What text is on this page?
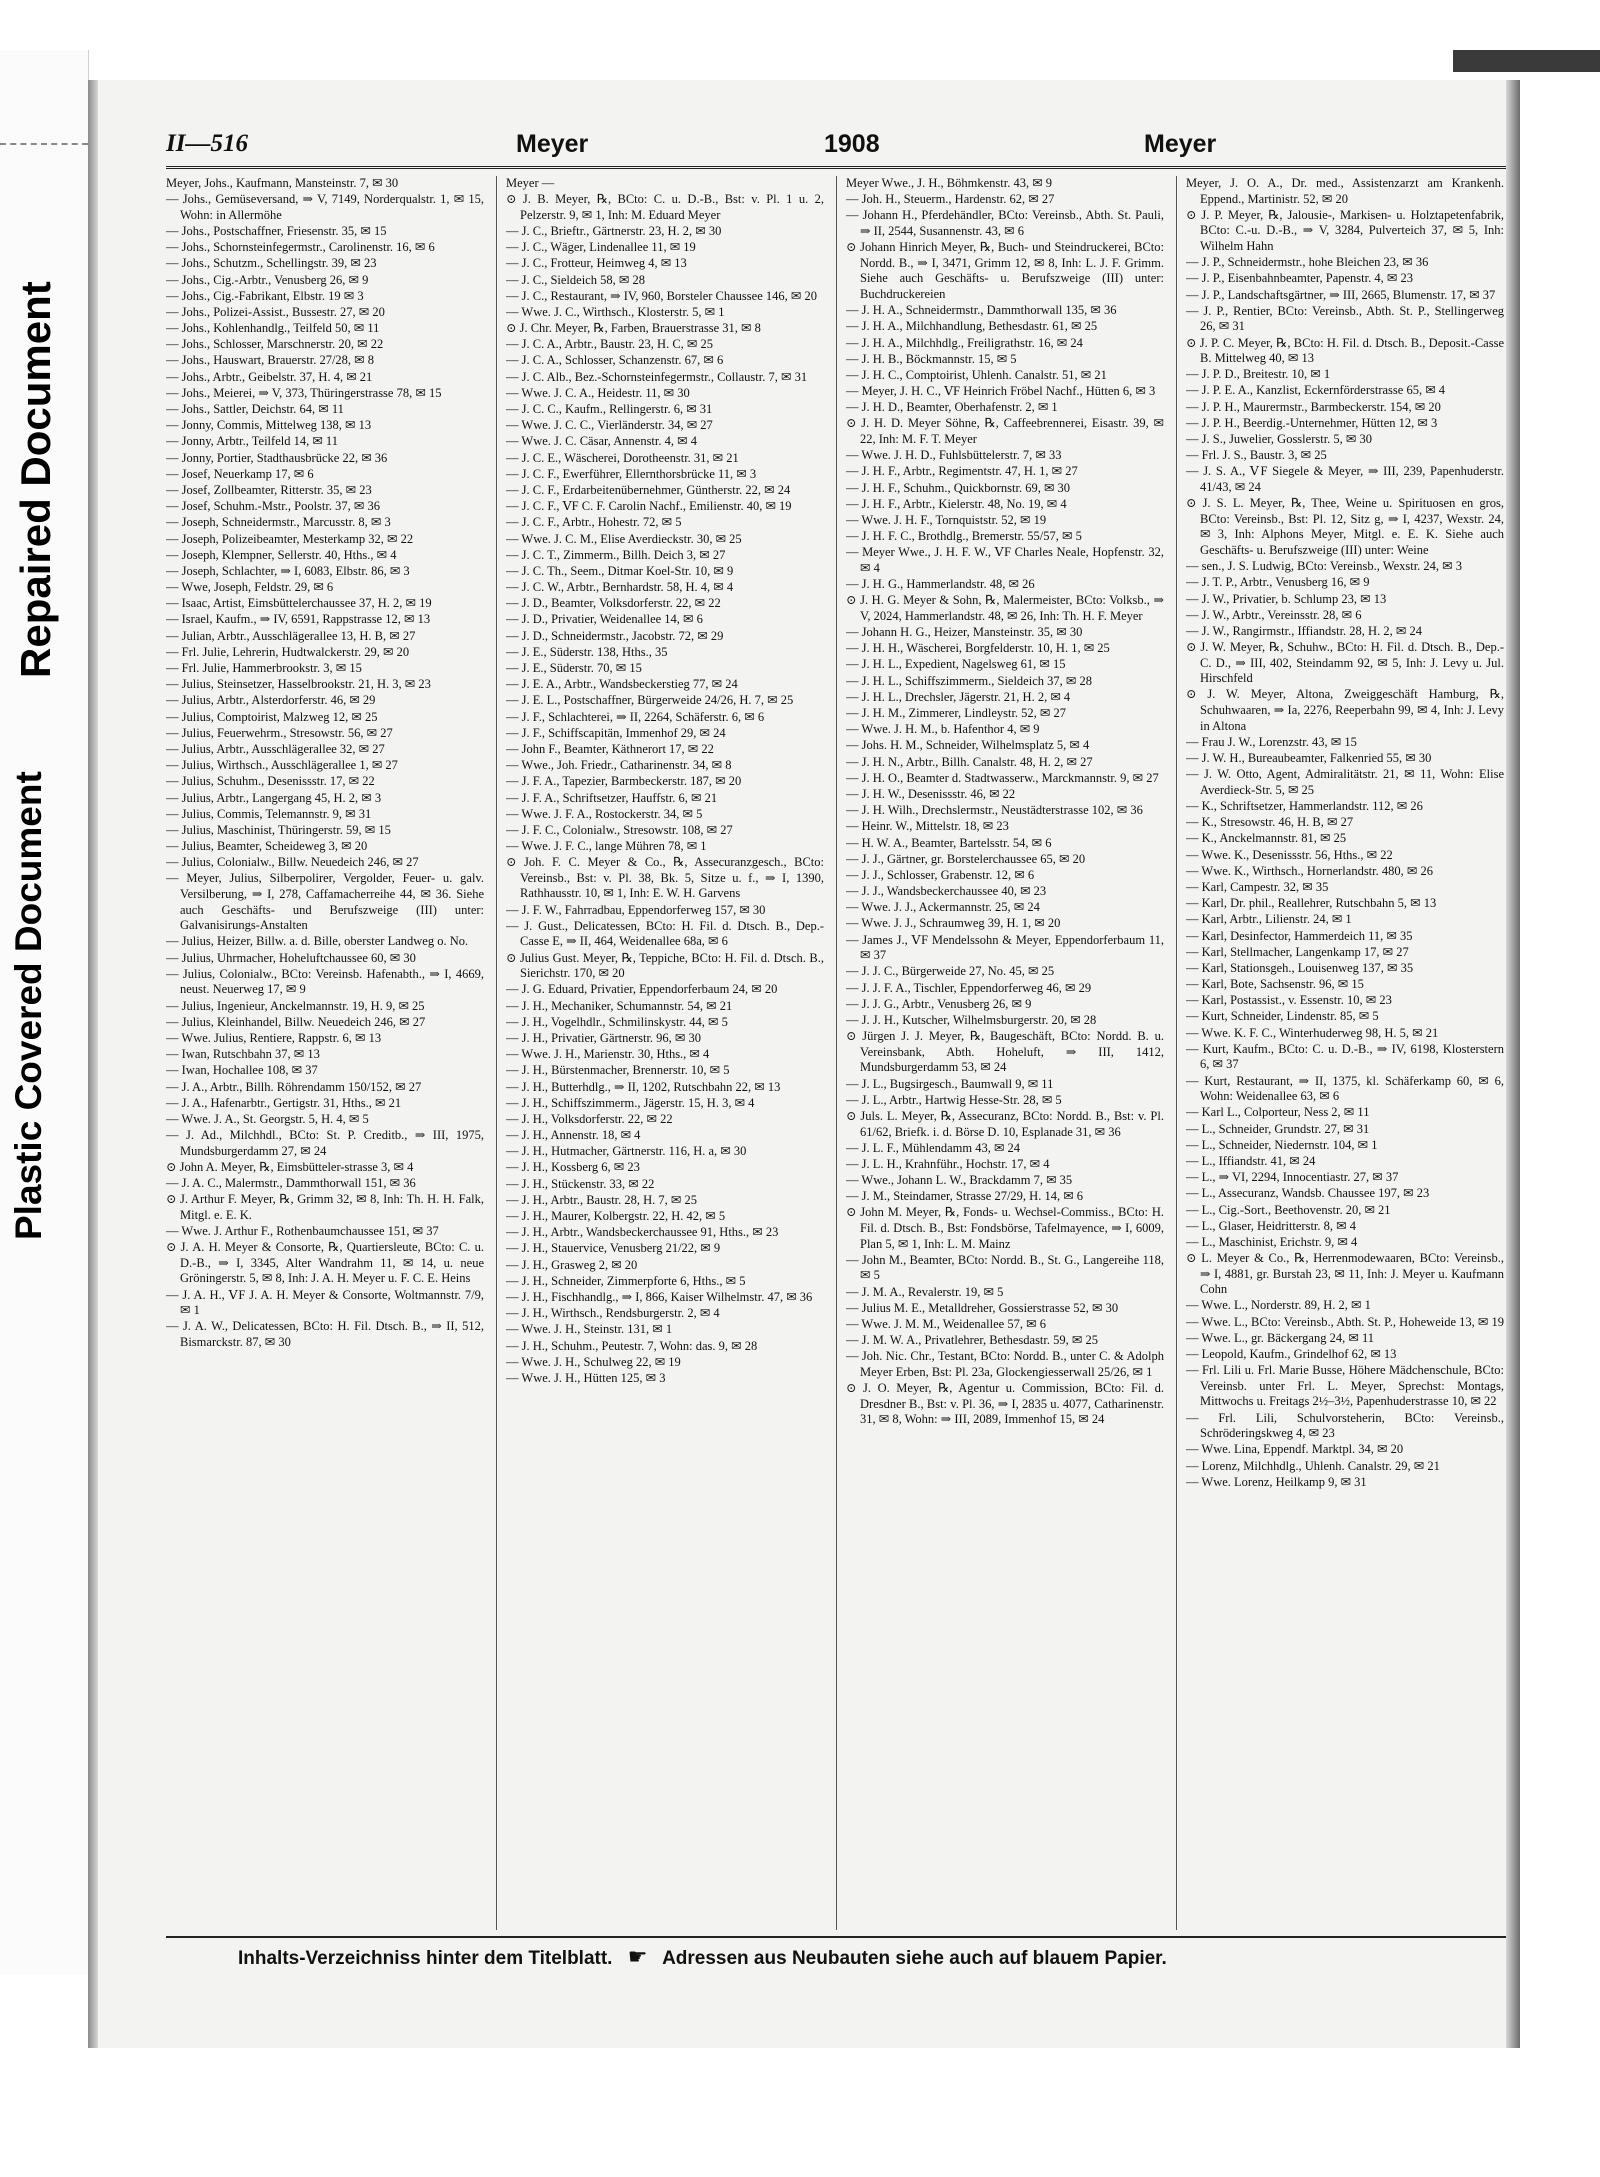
Repaired Document
Plastic Covered Document
II—516	Meyer	1908	Meyer

Meyer, Johs., Kaufmann, Mansteinstr. 7, ✉ 30

— Johs., Gemüseversand, ⇒ V, 7149, Norderqualstr. 1, ✉ 15, Wohn: in Allermöhe

— Johs., Postschaffner, Friesenstr. 35, ✉ 15

— Johs., Schornsteinfegermstr., Carolinenstr. 16, ✉ 6

— Johs., Schutzm., Schellingstr. 39, ✉ 23

— Johs., Cig.-Arbtr., Venusberg 26, ✉ 9

— Johs., Cig.-Fabrikant, Elbstr. 19 ✉ 3

— Johs., Polizei-Assist., Bussestr. 27, ✉ 20

— Johs., Kohlenhandlg., Teilfeld 50, ✉ 11

— Johs., Schlosser, Marschnerstr. 20, ✉ 22

— Johs., Hauswart, Brauerstr. 27/28, ✉ 8

— Johs., Arbtr., Geibelstr. 37, H. 4, ✉ 21

— Johs., Meierei, ⇒ V, 373, Thüringerstrasse 78, ✉ 15

— Johs., Sattler, Deichstr. 64, ✉ 11

— Jonny, Commis, Mittelweg 138, ✉ 13

— Jonny, Arbtr., Teilfeld 14, ✉ 11

— Jonny, Portier, Stadthausbrücke 22, ✉ 36

— Josef, Neuerkamp 17, ✉ 6

— Josef, Zollbeamter, Ritterstr. 35, ✉ 23

— Josef, Schuhm.-Mstr., Poolstr. 37, ✉ 36

— Joseph, Schneidermstr., Marcusstr. 8, ✉ 3

— Joseph, Polizeibeamter, Mesterkamp 32, ✉ 22

— Joseph, Klempner, Sellerstr. 40, Hths., ✉ 4

— Joseph, Schlachter, ⇒ I, 6083, Elbstr. 86, ✉ 3

— Wwe, Joseph, Feldstr. 29, ✉ 6

— Isaac, Artist, Eimsbüttelerchaussee 37, H. 2, ✉ 19

— Israel, Kaufm., ⇒ IV, 6591, Rappstrasse 12, ✉ 13

— Julian, Arbtr., Ausschlägerallee 13, H. B, ✉ 27

— Frl. Julie, Lehrerin, Hudtwalckerstr. 29, ✉ 20

— Frl. Julie, Hammerbrookstr. 3, ✉ 15

— Julius, Steinsetzer, Hasselbrookstr. 21, H. 3, ✉ 23

— Julius, Arbtr., Alsterdorferstr. 46, ✉ 29

— Julius, Comptoirist, Malzweg 12, ✉ 25

— Julius, Feuerwehrm., Stresowstr. 56, ✉ 27

— Julius, Arbtr., Ausschlägerallee 32, ✉ 27

— Julius, Wirthsch., Ausschlägerallee 1, ✉ 27

— Julius, Schuhm., Desenissstr. 17, ✉ 22

— Julius, Arbtr., Langergang 45, H. 2, ✉ 3

— Julius, Commis, Telemannstr. 9, ✉ 31

— Julius, Maschinist, Thüringerstr. 59, ✉ 15

— Julius, Beamter, Scheideweg 3, ✉ 20

— Julius, Colonialw., Billw. Neuedeich 246, ✉ 27

— Meyer, Julius, Silberpolirer, Vergolder, Feuer- u. galv. Versilberung, ⇒ I, 278, Caffamacherreihe 44, ✉ 36. Siehe auch Geschäfts- und Berufszweige (III) unter: Galvanisirungs-Anstalten

— Julius, Heizer, Billw. a. d. Bille, oberster Landweg o. No.

— Julius, Uhrmacher, Hoheluftchaussee 60, ✉ 30

— Julius, Colonialw., BCto: Vereinsb. Hafenabth., ⇒ I, 4669, neust. Neuerweg 17, ✉ 9

— Julius, Ingenieur, Anckelmannstr. 19, H. 9, ✉ 25

— Julius, Kleinhandel, Billw. Neuedeich 246, ✉ 27

— Wwe. Julius, Rentiere, Rappstr. 6, ✉ 13

— Iwan, Rutschbahn 37, ✉ 13

— Iwan, Hochallee 108, ✉ 37

— J. A., Arbtr., Billh. Röhrendamm 150/152, ✉ 27

— J. A., Hafenarbtr., Gertigstr. 31, Hths., ✉ 21

— Wwe. J. A., St. Georgstr. 5, H. 4, ✉ 5

— J. Ad., Milchhdl., BCto: St. P. Creditb., ⇒ III, 1975, Mundsburgerdamm 27, ✉ 24

⊙ John A. Meyer, ℞, Eimsbütteler-strasse 3, ✉ 4

— J. A. C., Malermstr., Dammthorwall 151, ✉ 36

⊙ J. Arthur F. Meyer, ℞, Grimm 32, ✉ 8, Inh: Th. H. H. Falk, Mitgl. e. E. K.

— Wwe. J. Arthur F., Rothenbaumchaussee 151, ✉ 37

⊙ J. A. H. Meyer & Consorte, ℞, Quartiersleute, BCto: C. u. D.-B., ⇒ I, 3345, Alter Wandrahm 11, ✉ 14, u. neue Gröningerstr. 5, ✉ 8, Inh: J. A. H. Meyer u. F. C. E. Heins

— J. A. H., ⅤF J. A. H. Meyer & Consorte, Woltmannstr. 7/9, ✉ 1

— J. A. W., Delicatessen, BCto: H. Fil. Dtsch. B., ⇒ II, 512, Bismarckstr. 87, ✉ 30

Meyer —

⊙ J. B. Meyer, ℞, BCto: C. u. D.-B., Bst: v. Pl. 1 u. 2, Pelzerstr. 9, ✉ 1, Inh: M. Eduard Meyer

— J. C., Brieftr., Gärtnerstr. 23, H. 2, ✉ 30

— J. C., Wäger, Lindenallee 11, ✉ 19

— J. C., Frotteur, Heimweg 4, ✉ 13

— J. C., Sieldeich 58, ✉ 28

— J. C., Restaurant, ⇒ IV, 960, Borsteler Chaussee 146, ✉ 20

— Wwe. J. C., Wirthsch., Klosterstr. 5, ✉ 1

⊙ J. Chr. Meyer, ℞, Farben, Brauerstrasse 31, ✉ 8

— J. C. A., Arbtr., Baustr. 23, H. C, ✉ 25

— J. C. A., Schlosser, Schanzenstr. 67, ✉ 6

— J. C. Alb., Bez.-Schornsteinfegermstr., Collaustr. 7, ✉ 31

— Wwe. J. C. A., Heidestr. 11, ✉ 30

— J. C. C., Kaufm., Rellingerstr. 6, ✉ 31

— Wwe. J. C. C., Vierländerstr. 34, ✉ 27

— Wwe. J. C. Cäsar, Annenstr. 4, ✉ 4

— J. C. E., Wäscherei, Dorotheenstr. 31, ✉ 21

— J. C. F., Ewerführer, Ellernthorsbrücke 11, ✉ 3

— J. C. F., Erdarbeitenübernehmer, Güntherstr. 22, ✉ 24

— J. C. F., ⅤF C. F. Carolin Nachf., Emilienstr. 40, ✉ 19

— J. C. F., Arbtr., Hohestr. 72, ✉ 5

— Wwe. J. C. M., Elise Averdieckstr. 30, ✉ 25

— J. C. T., Zimmerm., Billh. Deich 3, ✉ 27

— J. C. Th., Seem., Ditmar Koel-Str. 10, ✉ 9

— J. C. W., Arbtr., Bernhardstr. 58, H. 4, ✉ 4

— J. D., Beamter, Volksdorferstr. 22, ✉ 22

— J. D., Privatier, Weidenallee 14, ✉ 6

— J. D., Schneidermstr., Jacobstr. 72, ✉ 29

— J. E., Süderstr. 138, Hths., 35

— J. E., Süderstr. 70, ✉ 15

— J. E. A., Arbtr., Wandsbeckerstieg 77, ✉ 24

— J. E. L., Postschaffner, Bürgerweide 24/26, H. 7, ✉ 25

— J. F., Schlachterei, ⇒ II, 2264, Schäferstr. 6, ✉ 6

— J. F., Schiffscapitän, Immenhof 29, ✉ 24

— John F., Beamter, Käthnerort 17, ✉ 22

— Wwe., Joh. Friedr., Catharinenstr. 34, ✉ 8

— J. F. A., Tapezier, Barmbeckerstr. 187, ✉ 20

— J. F. A., Schriftsetzer, Hauffstr. 6, ✉ 21

— Wwe. J. F. A., Rostockerstr. 34, ✉ 5

— J. F. C., Colonialw., Stresowstr. 108, ✉ 27

— Wwe. J. F. C., lange Mühren 78, ✉ 1

⊙ Joh. F. C. Meyer & Co., ℞, Assecuranzgesch., BCto: Vereinsb., Bst: v. Pl. 38, Bk. 5, Sitze u. f., ⇒ I, 1390, Rathhausstr. 10, ✉ 1, Inh: E. W. H. Garvens

— J. F. W., Fahrradbau, Eppendorferweg 157, ✉ 30

— J. Gust., Delicatessen, BCto: H. Fil. d. Dtsch. B., Dep.-Casse E, ⇒ II, 464, Weidenallee 68a, ✉ 6

⊙ Julius Gust. Meyer, ℞, Teppiche, BCto: H. Fil. d. Dtsch. B., Sierichstr. 170, ✉ 20

— J. G. Eduard, Privatier, Eppendorferbaum 24, ✉ 20

— J. H., Mechaniker, Schumannstr. 54, ✉ 21

— J. H., Vogelhdlr., Schmilinskystr. 44, ✉ 5

— J. H., Privatier, Gärtnerstr. 96, ✉ 30

— Wwe. J. H., Marienstr. 30, Hths., ✉ 4

— J. H., Bürstenmacher, Brennerstr. 10, ✉ 5

— J. H., Butterhdlg., ⇒ II, 1202, Rutschbahn 22, ✉ 13

— J. H., Schiffszimmerm., Jägerstr. 15, H. 3, ✉ 4

— J. H., Volksdorferstr. 22, ✉ 22

— J. H., Annenstr. 18, ✉ 4

— J. H., Hutmacher, Gärtnerstr. 116, H. a, ✉ 30

— J. H., Kossberg 6, ✉ 23

— J. H., Stückenstr. 33, ✉ 22

— J. H., Arbtr., Baustr. 28, H. 7, ✉ 25

— J. H., Maurer, Kolbergstr. 22, H. 42, ✉ 5

— J. H., Arbtr., Wandsbeckerchaussee 91, Hths., ✉ 23

— J. H., Stauervice, Venusberg 21/22, ✉ 9

— J. H., Grasweg 2, ✉ 20

— J. H., Schneider, Zimmerpforte 6, Hths., ✉ 5

— J. H., Fischhandlg., ⇒ I, 866, Kaiser Wilhelmstr. 47, ✉ 36

— J. H., Wirthsch., Rendsburgerstr. 2, ✉ 4

— Wwe. J. H., Steinstr. 131, ✉ 1

— J. H., Schuhm., Peutestr. 7, Wohn: das. 9, ✉ 28

— Wwe. J. H., Schulweg 22, ✉ 19

— Wwe. J. H., Hütten 125, ✉ 3

Meyer Wwe., J. H., Böhmkenstr. 43, ✉ 9

— Joh. H., Steuerm., Hardenstr. 62, ✉ 27

— Johann H., Pferdehändler, BCto: Vereinsb., Abth. St. Pauli, ⇒ II, 2544, Susannenstr. 43, ✉ 6

⊙ Johann Hinrich Meyer, ℞, Buch- und Steindruckerei, BCto: Nordd. B., ⇒ I, 3471, Grimm 12, ✉ 8, Inh: L. J. F. Grimm. Siehe auch Geschäfts- u. Berufszweige (III) unter: Buchdruckereien

— J. H. A., Schneidermstr., Dammthorwall 135, ✉ 36

— J. H. A., Milchhandlung, Bethesdastr. 61, ✉ 25

— J. H. A., Milchhdlg., Freiligrathstr. 16, ✉ 24

— J. H. B., Böckmannstr. 15, ✉ 5

— J. H. C., Comptoirist, Uhlenh. Canalstr. 51, ✉ 21

— Meyer, J. H. C., ⅤF Heinrich Fröbel Nachf., Hütten 6, ✉ 3

— J. H. D., Beamter, Oberhafenstr. 2, ✉ 1

⊙ J. H. D. Meyer Söhne, ℞, Caffeebrennerei, Eisastr. 39, ✉ 22, Inh: M. F. T. Meyer

— Wwe. J. H. D., Fuhlsbüttelerstr. 7, ✉ 33

— J. H. F., Arbtr., Regimentstr. 47, H. 1, ✉ 27

— J. H. F., Schuhm., Quickbornstr. 69, ✉ 30

— J. H. F., Arbtr., Kielerstr. 48, No. 19, ✉ 4

— Wwe. J. H. F., Tornquiststr. 52, ✉ 19

— J. H. F. C., Brothdlg., Bremerstr. 55/57, ✉ 5

— Meyer Wwe., J. H. F. W., ⅤF Charles Neale, Hopfenstr. 32, ✉ 4

— J. H. G., Hammerlandstr. 48, ✉ 26

⊙ J. H. G. Meyer & Sohn, ℞, Malermeister, BCto: Volksb., ⇒ V, 2024, Hammerlandstr. 48, ✉ 26, Inh: Th. H. F. Meyer

— Johann H. G., Heizer, Mansteinstr. 35, ✉ 30

— J. H. H., Wäscherei, Borgfelderstr. 10, H. 1, ✉ 25

— J. H. L., Expedient, Nagelsweg 61, ✉ 15

— J. H. L., Schiffszimmerm., Sieldeich 37, ✉ 28

— J. H. L., Drechsler, Jägerstr. 21, H. 2, ✉ 4

— J. H. M., Zimmerer, Lindleystr. 52, ✉ 27

— Wwe. J. H. M., b. Hafenthor 4, ✉ 9

— Johs. H. M., Schneider, Wilhelmsplatz 5, ✉ 4

— J. H. N., Arbtr., Billh. Canalstr. 48, H. 2, ✉ 27

— J. H. O., Beamter d. Stadtwasserw., Marckmannstr. 9, ✉ 27

— J. H. W., Desenissstr. 46, ✉ 22

— J. H. Wilh., Drechslermstr., Neustädterstrasse 102, ✉ 36

— Heinr. W., Mittelstr. 18, ✉ 23

— H. W. A., Beamter, Bartelsstr. 54, ✉ 6

— J. J., Gärtner, gr. Borstelerchaussee 65, ✉ 20

— J. J., Schlosser, Grabenstr. 12, ✉ 6

— J. J., Wandsbeckerchaussee 40, ✉ 23

— Wwe. J. J., Ackermannstr. 25, ✉ 24

— Wwe. J. J., Schraumweg 39, H. 1, ✉ 20

— James J., ⅤF Mendelssohn & Meyer, Eppendorferbaum 11, ✉ 37

— J. J. C., Bürgerweide 27, No. 45, ✉ 25

— J. J. F. A., Tischler, Eppendorferweg 46, ✉ 29

— J. J. G., Arbtr., Venusberg 26, ✉ 9

— J. J. H., Kutscher, Wilhelmsburgerstr. 20, ✉ 28

⊙ Jürgen J. J. Meyer, ℞, Baugeschäft, BCto: Nordd. B. u. Vereinsbank, Abth. Hoheluft, ⇒ III, 1412, Mundsburgerdamm 53, ✉ 24

— J. L., Bugsirgesch., Baumwall 9, ✉ 11

— J. L., Arbtr., Hartwig Hesse-Str. 28, ✉ 5

⊙ Juls. L. Meyer, ℞, Assecuranz, BCto: Nordd. B., Bst: v. Pl. 61/62, Briefk. i. d. Börse D. 10, Esplanade 31, ✉ 36

— J. L. F., Mühlendamm 43, ✉ 24

— J. L. H., Krahnführ., Hochstr. 17, ✉ 4

— Wwe., Johann L. W., Brackdamm 7, ✉ 35

— J. M., Steindamer, Strasse 27/29, H. 14, ✉ 6

⊙ John M. Meyer, ℞, Fonds- u. Wechsel-Commiss., BCto: H. Fil. d. Dtsch. B., Bst: Fondsbörse, Tafelmayence, ⇒ I, 6009, Plan 5, ✉ 1, Inh: L. M. Mainz

— John M., Beamter, BCto: Nordd. B., St. G., Langereihe 118, ✉ 5

— J. M. A., Revalerstr. 19, ✉ 5

— Julius M. E., Metalldreher, Gossierstrasse 52, ✉ 30

— Wwe. J. M. M., Weidenallee 57, ✉ 6

— J. M. W. A., Privatlehrer, Bethesdastr. 59, ✉ 25

— Joh. Nic. Chr., Testant, BCto: Nordd. B., unter C. & Adolph Meyer Erben, Bst: Pl. 23a, Glockengiesserwall 25/26, ✉ 1

⊙ J. O. Meyer, ℞, Agentur u. Commission, BCto: Fil. d. Dresdner B., Bst: v. Pl. 36, ⇒ I, 2835 u. 4077, Catharinenstr. 31, ✉ 8, Wohn: ⇒ III, 2089, Immenhof 15, ✉ 24

Meyer, J. O. A., Dr. med., Assistenzarzt am Krankenh. Eppend., Martinistr. 52, ✉ 20

⊙ J. P. Meyer, ℞, Jalousie-, Markisen- u. Holztapetenfabrik, BCto: C.-u. D.-B., ⇒ V, 3284, Pulverteich 37, ✉ 5, Inh: Wilhelm Hahn

— J. P., Schneidermstr., hohe Bleichen 23, ✉ 36

— J. P., Eisenbahnbeamter, Papenstr. 4, ✉ 23

— J. P., Landschaftsgärtner, ⇒ III, 2665, Blumenstr. 17, ✉ 37

— J. P., Rentier, BCto: Vereinsb., Abth. St. P., Stellingerweg 26, ✉ 31

⊙ J. P. C. Meyer, ℞, BCto: H. Fil. d. Dtsch. B., Deposit.-Casse B. Mittelweg 40, ✉ 13

— J. P. D., Breitestr. 10, ✉ 1

— J. P. E. A., Kanzlist, Eckernförderstrasse 65, ✉ 4

— J. P. H., Maurermstr., Barmbeckerstr. 154, ✉ 20

— J. P. H., Beerdig.-Unternehmer, Hütten 12, ✉ 3

— J. S., Juwelier, Gosslerstr. 5, ✉ 30

— Frl. J. S., Baustr. 3, ✉ 25

— J. S. A., ⅤF Siegele & Meyer, ⇒ III, 239, Papenhuderstr. 41/43, ✉ 24

⊙ J. S. L. Meyer, ℞, Thee, Weine u. Spirituosen en gros, BCto: Vereinsb., Bst: Pl. 12, Sitz g, ⇒ I, 4237, Wexstr. 24, ✉ 3, Inh: Alphons Meyer, Mitgl. e. E. K. Siehe auch Geschäfts- u. Berufszweige (III) unter: Weine

— sen., J. S. Ludwig, BCto: Vereinsb., Wexstr. 24, ✉ 3

— J. T. P., Arbtr., Venusberg 16, ✉ 9

— J. W., Privatier, b. Schlump 23, ✉ 13

— J. W., Arbtr., Vereinsstr. 28, ✉ 6

— J. W., Rangirmstr., Iffiandstr. 28, H. 2, ✉ 24

⊙ J. W. Meyer, ℞, Schuhw., BCto: H. Fil. d. Dtsch. B., Dep.-C. D., ⇒ III, 402, Steindamm 92, ✉ 5, Inh: J. Levy u. Jul. Hirschfeld

⊙ J. W. Meyer, Altona, Zweiggeschäft Hamburg, ℞, Schuhwaaren, ⇒ Ia, 2276, Reeperbahn 99, ✉ 4, Inh: J. Levy in Altona

— Frau J. W., Lorenzstr. 43, ✉ 15

— J. W. H., Bureaubeamter, Falkenried 55, ✉ 30

— J. W. Otto, Agent, Admiralitätstr. 21, ✉ 11, Wohn: Elise Averdieck-Str. 5, ✉ 25

— K., Schriftsetzer, Hammerlandstr. 112, ✉ 26

— K., Stresowstr. 46, H. B, ✉ 27

— K., Anckelmannstr. 81, ✉ 25

— Wwe. K., Desenissstr. 56, Hths., ✉ 22

— Wwe. K., Wirthsch., Hornerlandstr. 480, ✉ 26

— Karl, Campestr. 32, ✉ 35

— Karl, Dr. phil., Reallehrer, Rutschbahn 5, ✉ 13

— Karl, Arbtr., Lilienstr. 24, ✉ 1

— Karl, Desinfector, Hammerdeich 11, ✉ 35

— Karl, Stellmacher, Langenkamp 17, ✉ 27

— Karl, Stationsgeh., Louisenweg 137, ✉ 35

— Karl, Bote, Sachsenstr. 96, ✉ 15

— Karl, Postassist., v. Essenstr. 10, ✉ 23

— Kurt, Schneider, Lindenstr. 85, ✉ 5

— Wwe. K. F. C., Winterhuderweg 98, H. 5, ✉ 21

— Kurt, Kaufm., BCto: C. u. D.-B., ⇒ IV, 6198, Klosterstern 6, ✉ 37

— Kurt, Restaurant, ⇒ II, 1375, kl. Schäferkamp 60, ✉ 6, Wohn: Weidenallee 63, ✉ 6

— Karl L., Colporteur, Ness 2, ✉ 11

— L., Schneider, Grundstr. 27, ✉ 31

— L., Schneider, Niedernstr. 104, ✉ 1

— L., Iffiandstr. 41, ✉ 24

— L., ⇒ VI, 2294, Innocentiastr. 27, ✉ 37

— L., Assecuranz, Wandsb. Chaussee 197, ✉ 23

— L., Cig.-Sort., Beethovenstr. 20, ✉ 21

— L., Glaser, Heidritterstr. 8, ✉ 4

— L., Maschinist, Erichstr. 9, ✉ 4

⊙ L. Meyer & Co., ℞, Herrenmodewaaren, BCto: Vereinsb., ⇒ I, 4881, gr. Burstah 23, ✉ 11, Inh: J. Meyer u. Kaufmann Cohn

— Wwe. L., Norderstr. 89, H. 2, ✉ 1

— Wwe. L., BCto: Vereinsb., Abth. St. P., Hoheweide 13, ✉ 19

— Wwe. L., gr. Bäckergang 24, ✉ 11

— Leopold, Kaufm., Grindelhof 62, ✉ 13

— Frl. Lili u. Frl. Marie Busse, Höhere Mädchenschule, BCto: Vereinsb. unter Frl. L. Meyer, Sprechst: Montags, Mittwochs u. Freitags 2½–3½, Papenhuderstrasse 10, ✉ 22

— Frl. Lili, Schulvorsteherin, BCto: Vereinsb., Schröderingskweg 4, ✉ 23

— Wwe. Lina, Eppendf. Marktpl. 34, ✉ 20

— Lorenz, Milchhdlg., Uhlenh. Canalstr. 29, ✉ 21

— Wwe. Lorenz, Heilkamp 9, ✉ 31

Inhalts-Verzeichniss hinter dem Titelblatt. ☛ Adressen aus Neubauten siehe auch auf blauem Papier.
